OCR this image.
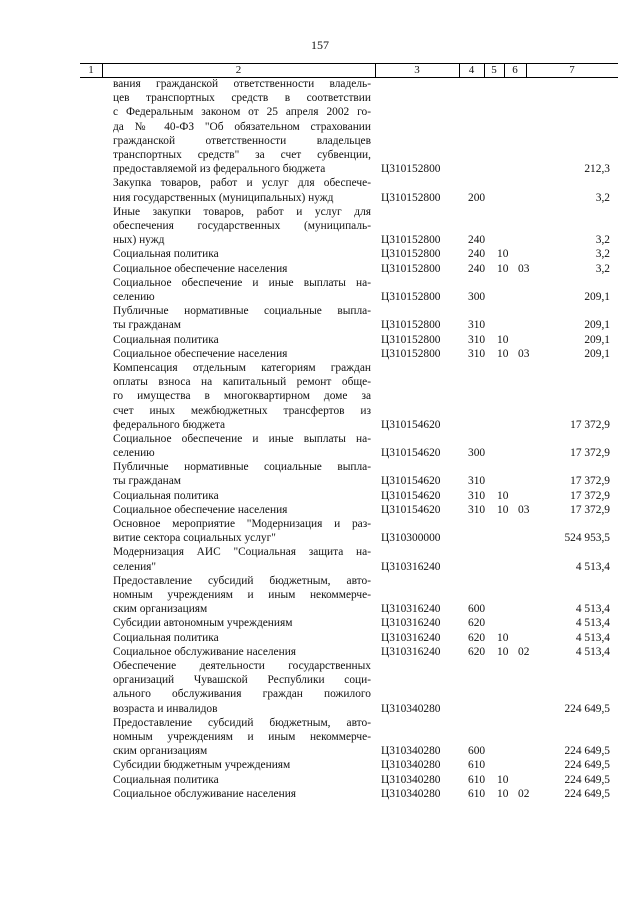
157
1	2	3	4	5	6	7
вания гражданской ответственности владель-
цев транспортных средств в соответствии
с Федеральным законом от 25 апреля 2002 го-
да № 40-ФЗ "Об обязательном страховании
гражданской ответственности владельцев
транспортных средств" за счет субвенции,
предоставляемой из федерального бюджета	Ц310152800	212,3
Закупка товаров, работ и услуг для обеспече-
ния государственных (муниципальных) нужд	Ц310152800 200	3,2
Иные закупки товаров, работ и услуг для
обеспечения государственных (муниципаль-
ных) нужд	Ц310152800 240	3,2
Социальная политика	Ц310152800 240 10	3,2
Социальное обеспечение населения	Ц310152800 240 10 03	3,2
Социальное обеспечение и иные выплаты на-
селению	Ц310152800 300	209,1
Публичные нормативные социальные выпла-
ты гражданам	Ц310152800 310	209,1
Социальная политика	Ц310152800 310 10	209,1
Социальное обеспечение населения	Ц310152800 310 10 03	209,1
Компенсация отдельным категориям граждан
оплаты взноса на капитальный ремонт обще-
го имущества в многоквартирном доме за
счет иных межбюджетных трансфертов из
федерального бюджета	Ц310154620	17 372,9
Социальное обеспечение и иные выплаты на-
селению	Ц310154620 300	17 372,9
Публичные нормативные социальные выпла-
ты гражданам	Ц310154620 310	17 372,9
Социальная политика	Ц310154620 310 10	17 372,9
Социальное обеспечение населения	Ц310154620 310 10 03	17 372,9
Основное мероприятие "Модернизация и раз-
витие сектора социальных услуг"	Ц310300000	524 953,5
Модернизация АИС "Социальная защита на-
селения"	Ц310316240	4 513,4
Предоставление субсидий бюджетным, авто-
номным учреждениям и иным некоммерче-
ским организациям	Ц310316240 600	4 513,4
Субсидии автономным учреждениям	Ц310316240 620	4 513,4
Социальная политика	Ц310316240 620 10	4 513,4
Социальное обслуживание населения	Ц310316240 620 10 02	4 513,4
Обеспечение деятельности государственных
организаций Чувашской Республики соци-
ального обслуживания граждан пожилого
возраста и инвалидов	Ц310340280	224 649,5
Предоставление субсидий бюджетным, авто-
номным учреждениям и иным некоммерче-
ским организациям	Ц310340280 600	224 649,5
Субсидии бюджетным учреждениям	Ц310340280 610	224 649,5
Социальная политика	Ц310340280 610 10	224 649,5
Социальное обслуживание населения	Ц310340280 610 10 02	224 649,5
